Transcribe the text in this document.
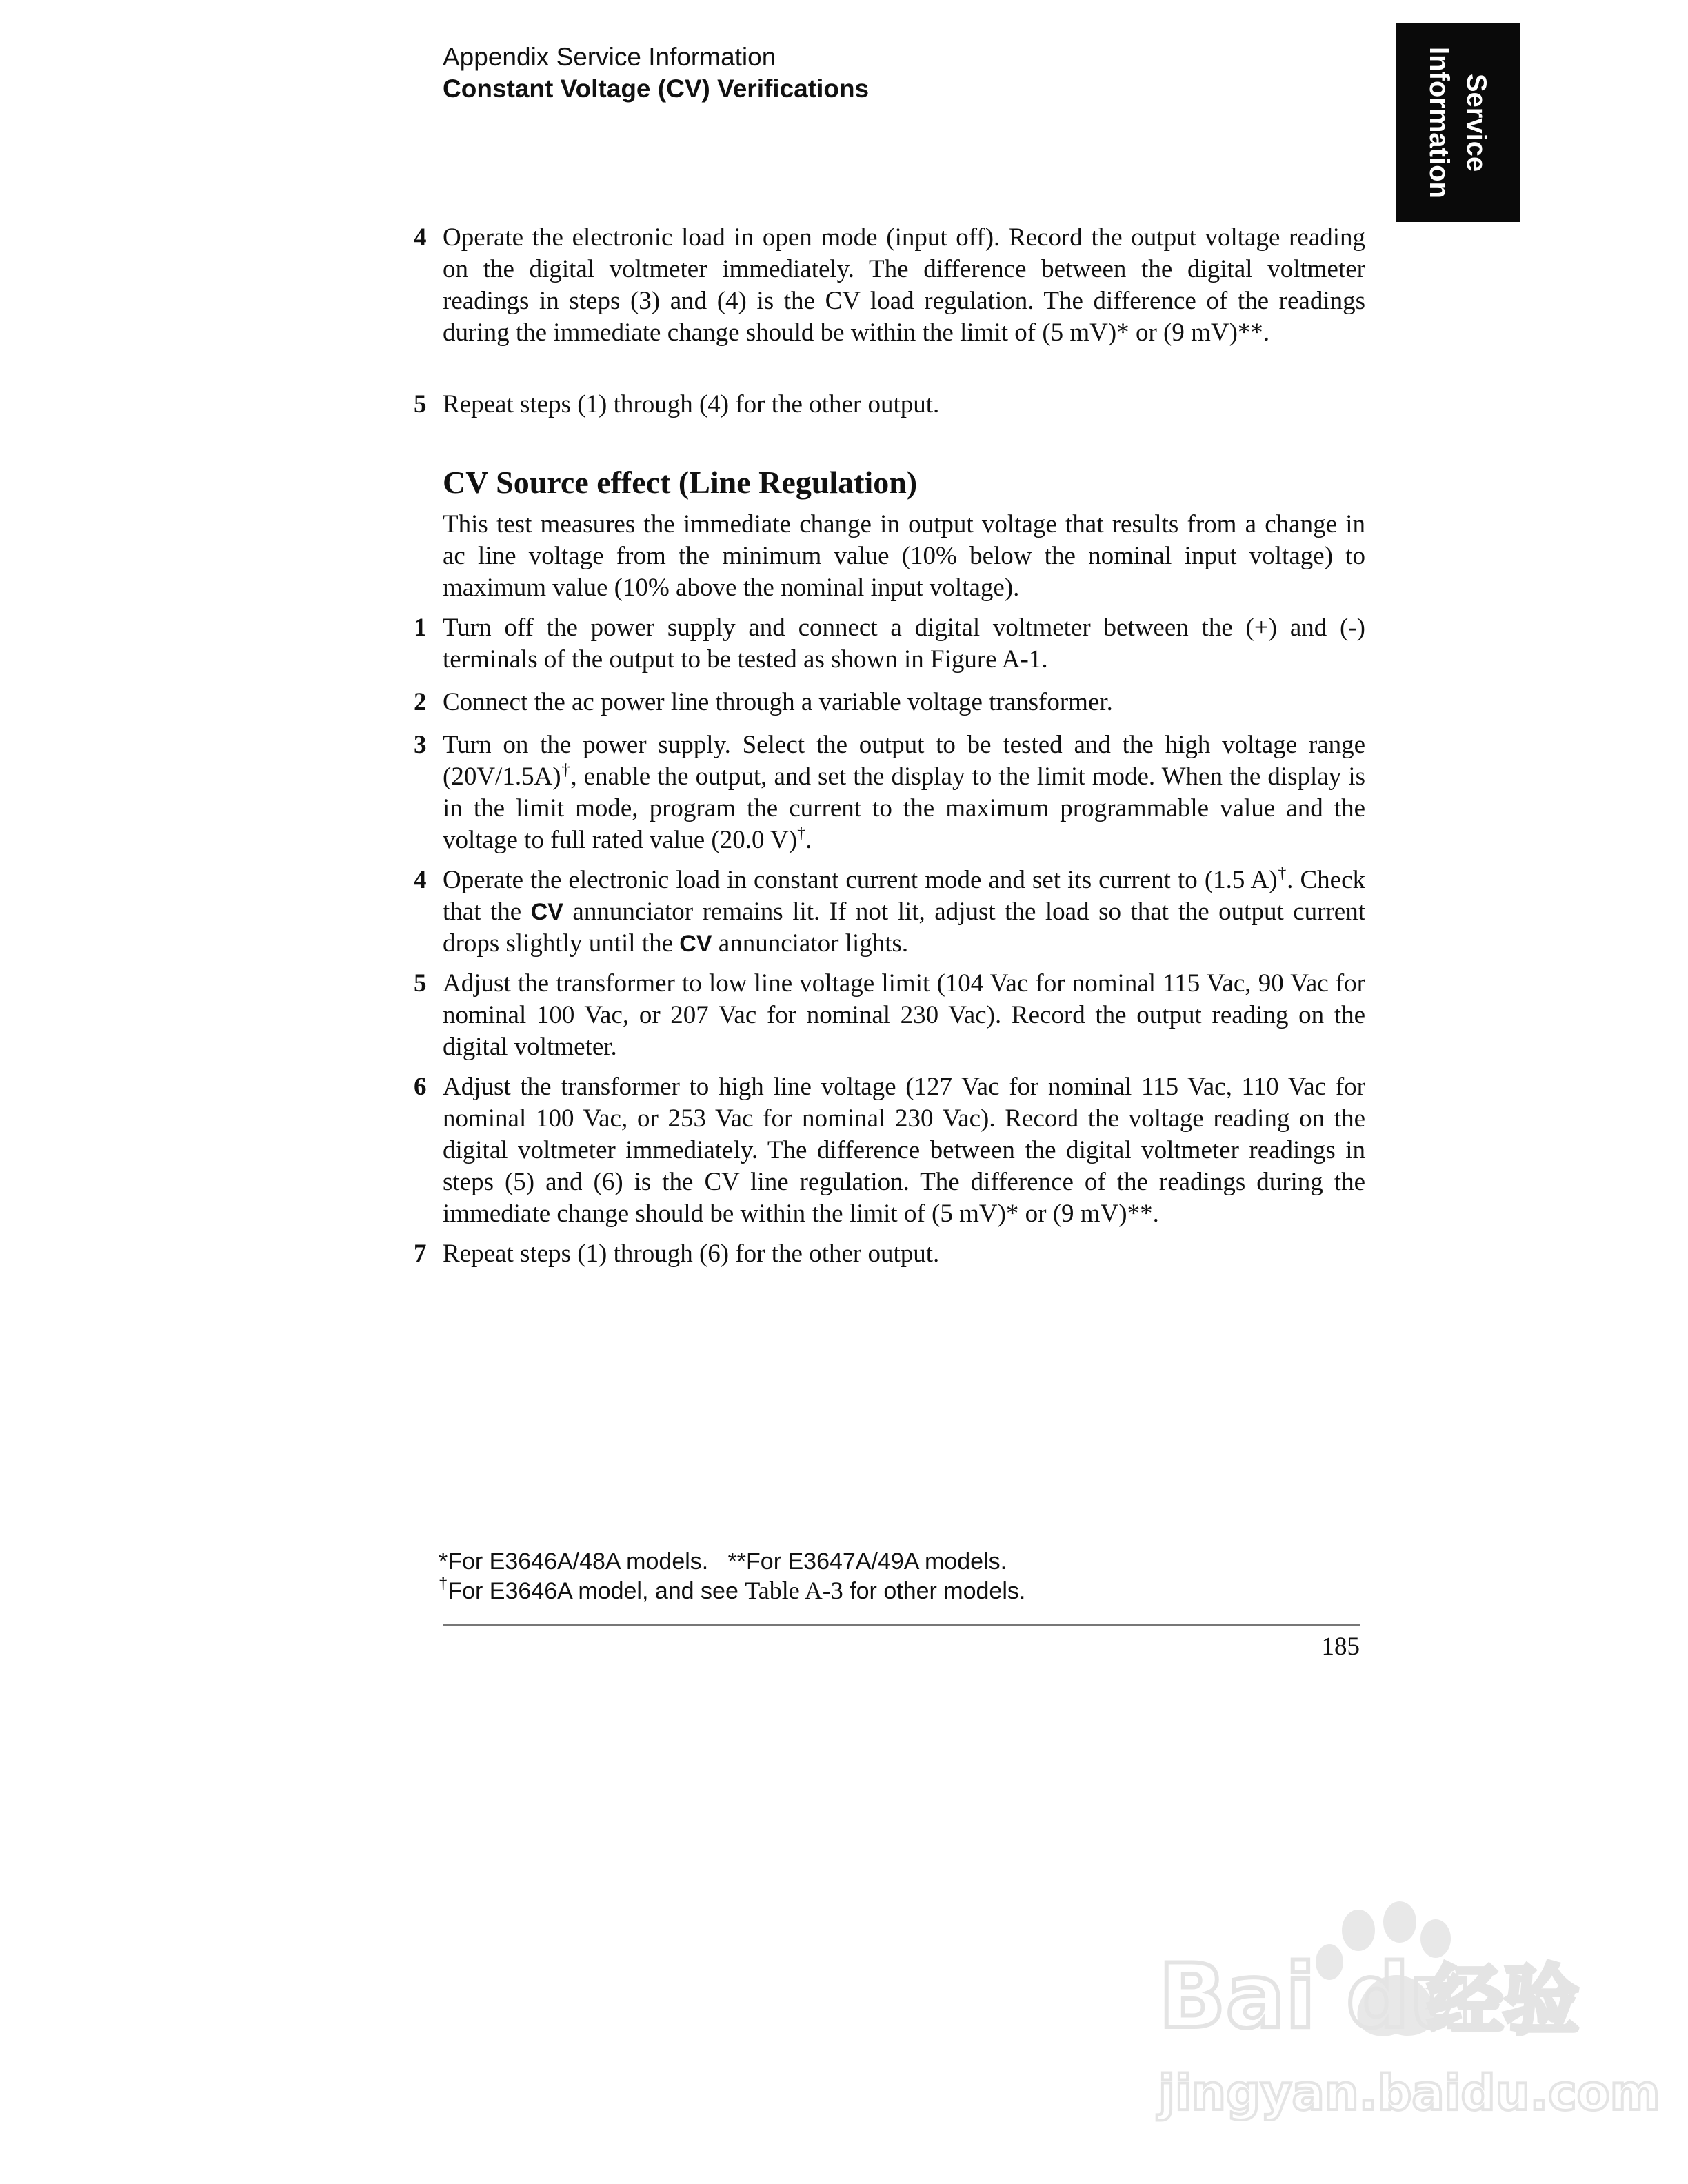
Appendix Service Information
Constant Voltage (CV) Verifications	Service
Information
4 Operate the electronic load in open mode (input off). Record the output voltage reading on the digital voltmeter immediately. The difference between the digital voltmeter readings in steps (3) and (4) is the CV load regulation. The difference of the readings during the immediate change should be within the limit of (5 mV)* or (9 mV)**.
5 Repeat steps (1) through (4) for the other output.
CV Source effect (Line Regulation)
This test measures the immediate change in output voltage that results from a change in ac line voltage from the minimum value (10% below the nominal input voltage) to maximum value (10% above the nominal input voltage).
1 Turn off the power supply and connect a digital voltmeter between the (+) and (-) terminals of the output to be tested as shown in Figure A-1.
2 Connect the ac power line through a variable voltage transformer.
3 Turn on the power supply. Select the output to be tested and the high voltage range (20V/1.5A)†, enable the output, and set the display to the limit mode. When the display is in the limit mode, program the current to the maximum programmable value and the voltage to full rated value (20.0 V)†.
4 Operate the electronic load in constant current mode and set its current to (1.5 A)†. Check that the CV annunciator remains lit. If not lit, adjust the load so that the output current drops slightly until the CV annunciator lights.
5 Adjust the transformer to low line voltage limit (104 Vac for nominal 115 Vac, 90 Vac for nominal 100 Vac, or 207 Vac for nominal 230 Vac). Record the output reading on the digital voltmeter.
6 Adjust the transformer to high line voltage (127 Vac for nominal 115 Vac, 110 Vac for nominal 100 Vac, or 253 Vac for nominal 230 Vac). Record the voltage reading on the digital voltmeter immediately. The difference between the digital voltmeter readings in steps (5) and (6) is the CV line regulation. The difference of the readings during the immediate change should be within the limit of (5 mV)* or (9 mV)**.
7 Repeat steps (1) through (6) for the other output.
*For E3646A/48A models.   **For E3647A/49A models.
†For E3646A model, and see Table A-3 for other models.
185
Bai du
经验
jingyan.baidu.com
